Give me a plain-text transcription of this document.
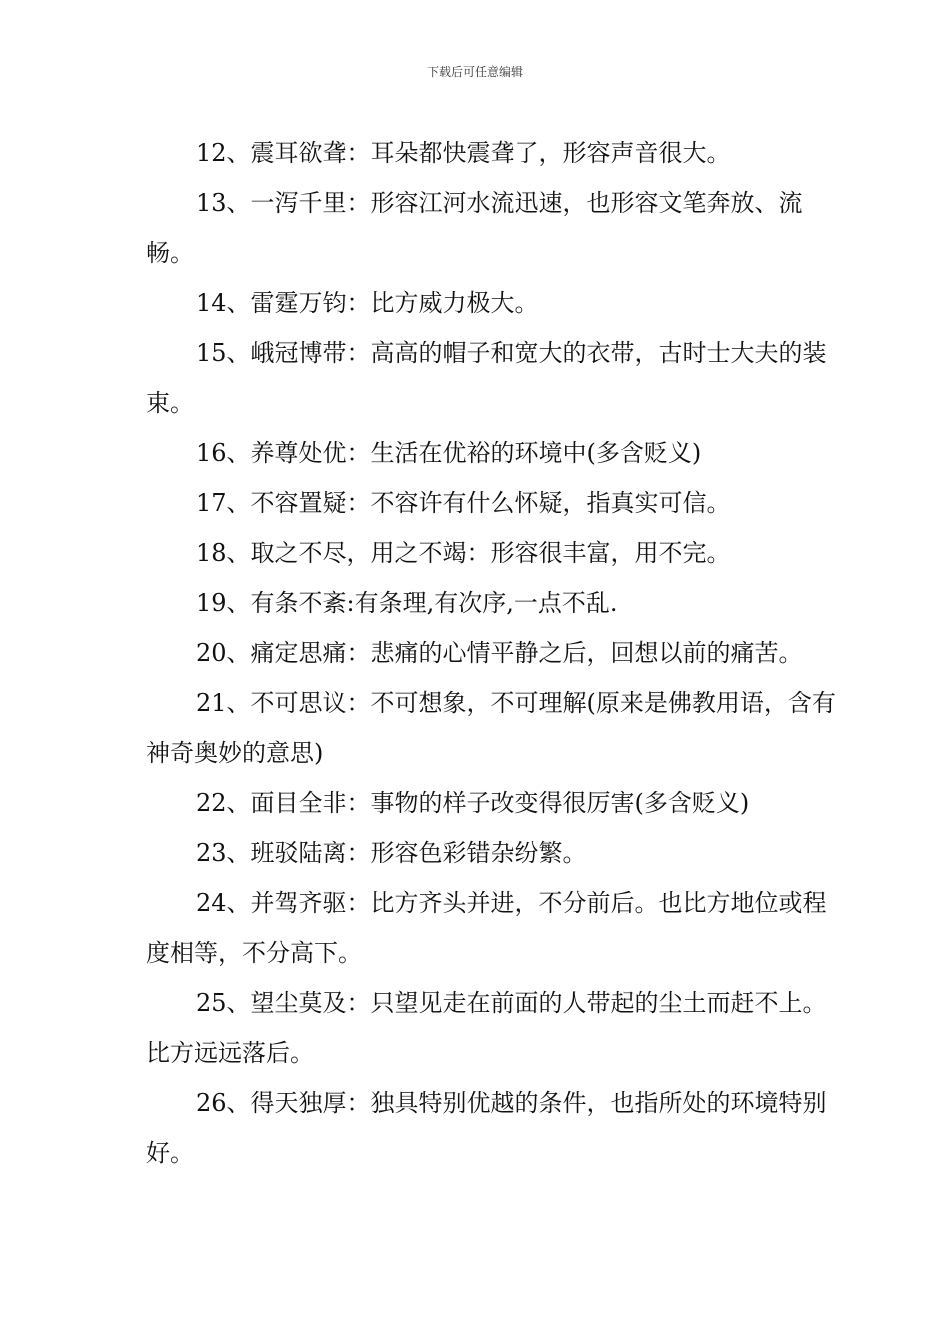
下载后可任意编辑

12、震耳欲聋：耳朵都快震聋了，形容声音很大。

13、一泻千里：形容江河水流迅速，也形容文笔奔放、流畅。

14、雷霆万钧：比方威力极大。

15、峨冠博带：高高的帽子和宽大的衣带，古时士大夫的装束。

16、养尊处优：生活在优裕的环境中(多含贬义)

17、不容置疑：不容许有什么怀疑，指真实可信。

18、取之不尽，用之不竭：形容很丰富，用不完。

19、有条不紊:有条理,有次序,一点不乱.

20、痛定思痛：悲痛的心情平静之后，回想以前的痛苦。

21、不可思议：不可想象，不可理解(原来是佛教用语，含有神奇奥妙的意思)

22、面目全非：事物的样子改变得很厉害(多含贬义)

23、班驳陆离：形容色彩错杂纷繁。

24、并驾齐驱：比方齐头并进，不分前后。也比方地位或程度相等，不分高下。

25、望尘莫及：只望见走在前面的人带起的尘土而赶不上。比方远远落后。

26、得天独厚：独具特别优越的条件，也指所处的环境特别好。
